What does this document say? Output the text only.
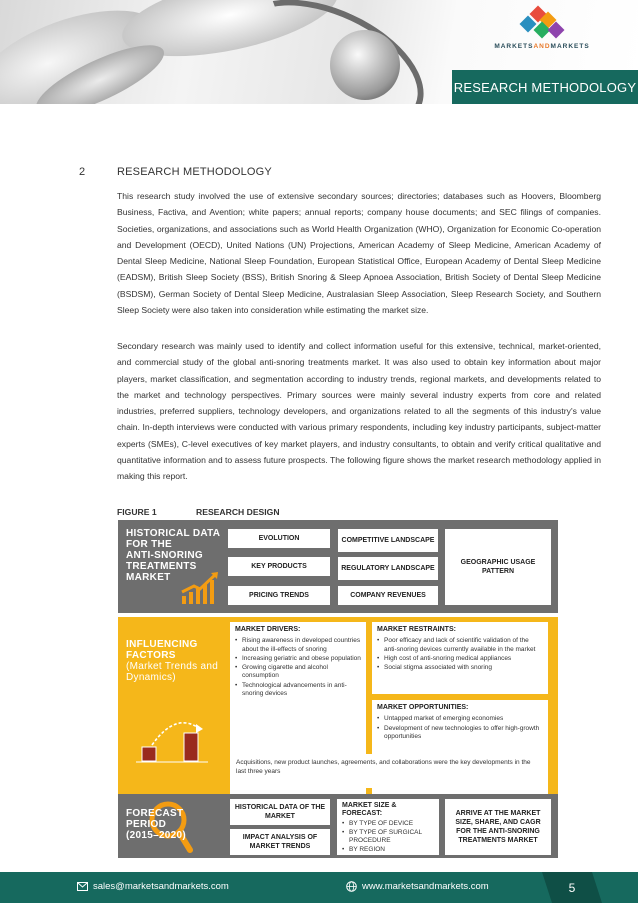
MARKETSANDMARKETS
RESEARCH METHODOLOGY
2	RESEARCH METHODOLOGY

This research study involved the use of extensive secondary sources; directories; databases such as Hoovers, Bloomberg Business, Factiva, and Avention; white papers; annual reports; company house documents; and SEC filings of companies. Societies, organizations, and associations such as World Health Organization (WHO), Organization for Economic Co-operation and Development (OECD), United Nations (UN) Projections, American Academy of Sleep Medicine, American Academy of Dental Sleep Medicine, National Sleep Foundation, European Statistical Office, European Academy of Dental Sleep Medicine (EADSM), British Sleep Society (BSS), British Snoring & Sleep Apnoea Association, British Society of Dental Sleep Medicine (BSDSM), German Society of Dental Sleep Medicine, Australasian Sleep Association, Sleep Research Society, and Southern Sleep Society were also taken into consideration while estimating the market size.

Secondary research was mainly used to identify and collect information useful for this extensive, technical, market-oriented, and commercial study of the global anti-snoring treatments market. It was also used to obtain key information about major players, market classification, and segmentation according to industry trends, regional markets, and developments related to the market and technology perspectives. Primary sources were mainly several industry experts from core and related industries, preferred suppliers, technology developers, and organizations related to all the segments of this industry's value chain. In-depth interviews were conducted with various primary respondents, including key industry participants, subject-matter experts (SMEs), C-level executives of key market players, and industry consultants, to obtain and verify critical qualitative and quantitative information and to assess future prospects. The following figure shows the market research methodology applied in making this report.

FIGURE 1	RESEARCH DESIGN
HISTORICAL DATA
FOR THE
ANTI-SNORING
TREATMENTS
MARKET
EVOLUTION
KEY PRODUCTS
PRICING TRENDS
COMPETITIVE LANDSCAPE
REGULATORY LANDSCAPE
COMPANY REVENUES
GEOGRAPHIC USAGE PATTERN
INFLUENCING
FACTORS
(Market Trends and
Dynamics)
MARKET DRIVERS:
• Rising awareness in developed countries about the ill-effects of snoring
• Increasing geriatric and obese population
• Growing cigarette and alcohol consumption
• Technological advancements in anti-snoring devices
MARKET RESTRAINTS:
• Poor efficacy and lack of scientific validation of the anti-snoring devices currently available in the market
• High cost of anti-snoring medical appliances
• Social stigma associated with snoring
MARKET OPPORTUNITIES:
• Untapped market of emerging economies
• Development of new technologies to offer high-growth opportunities
Acquisitions, new product launches, agreements, and collaborations were the key developments in the last three years
FORECAST
PERIOD
(2015–2020)
HISTORICAL DATA OF THE MARKET
IMPACT ANALYSIS OF MARKET TRENDS
MARKET SIZE & FORECAST:
• BY TYPE OF DEVICE
• BY TYPE OF SURGICAL PROCEDURE
• BY REGION
ARRIVE AT THE MARKET SIZE, SHARE, AND CAGR FOR THE ANTI-SNORING TREATMENTS MARKET
sales@marketsandmarkets.com	www.marketsandmarkets.com	5
